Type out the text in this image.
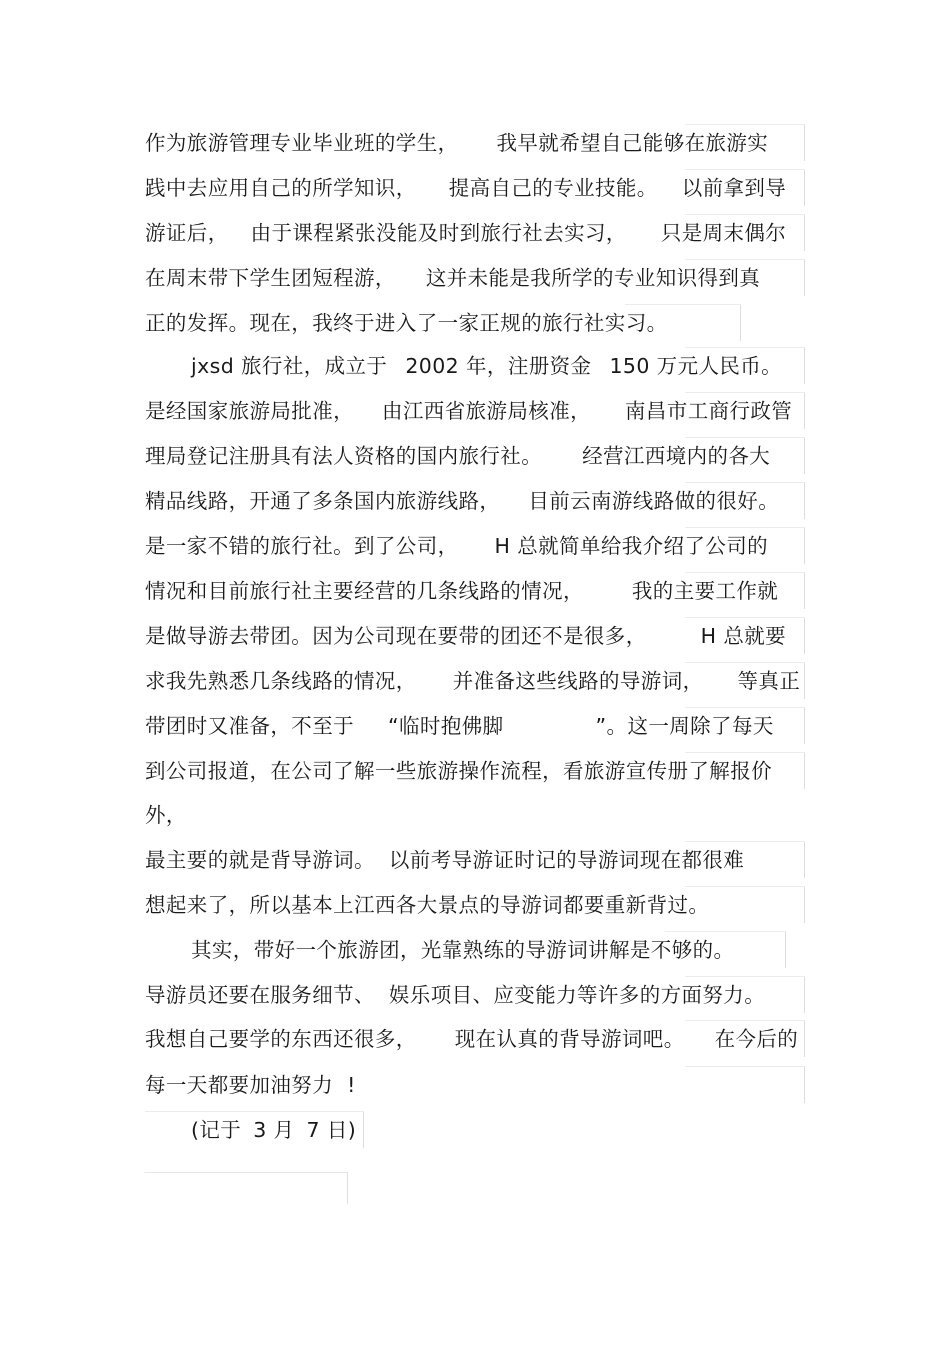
作为旅游管理专业毕业班的学生， 我早就希望自己能够在旅游实
践中去应用自己的所学知识， 提高自己的专业技能。 以前拿到导
游证后， 由于课程紧张没能及时到旅行社去实习， 只是周末偶尔
在周末带下学生团短程游， 这并未能是我所学的专业知识得到真
正的发挥。现在，我终于进入了一家正规的旅行社实习。
jxsd 旅行社，成立于 2002 年，注册资金 150 万元人民币。
是经国家旅游局批准， 由江西省旅游局核准， 南昌市工商行政管
理局登记注册具有法人资格的国内旅行社。 经营江西境内的各大
精品线路，开通了多条国内旅游线路， 目前云南游线路做的很好。
是一家不错的旅行社。到了公司， H 总就简单给我介绍了公司的
情况和目前旅行社主要经营的几条线路的情况， 我的主要工作就
是做导游去带团。因为公司现在要带的团还不是很多，	H 总就要
求我先熟悉几条线路的情况， 并准备这些线路的导游词， 等真正
带团时又准备，不至于 “临时抱佛脚	”。这一周除了每天
到公司报道，在公司了解一些旅游操作流程，看旅游宣传册了解报价
外，
最主要的就是背导游词。 以前考导游证时记的导游词现在都很难
想起来了，所以基本上江西各大景点的导游词都要重新背过。
其实，带好一个旅游团，光靠熟练的导游词讲解是不够的。
导游员还要在服务细节、 娱乐项目、应变能力等许多的方面努力。
我想自己要学的东西还很多， 现在认真的背导游词吧。 在今后的
每一天都要加油努力 !
(记于 3 月 7 日)
